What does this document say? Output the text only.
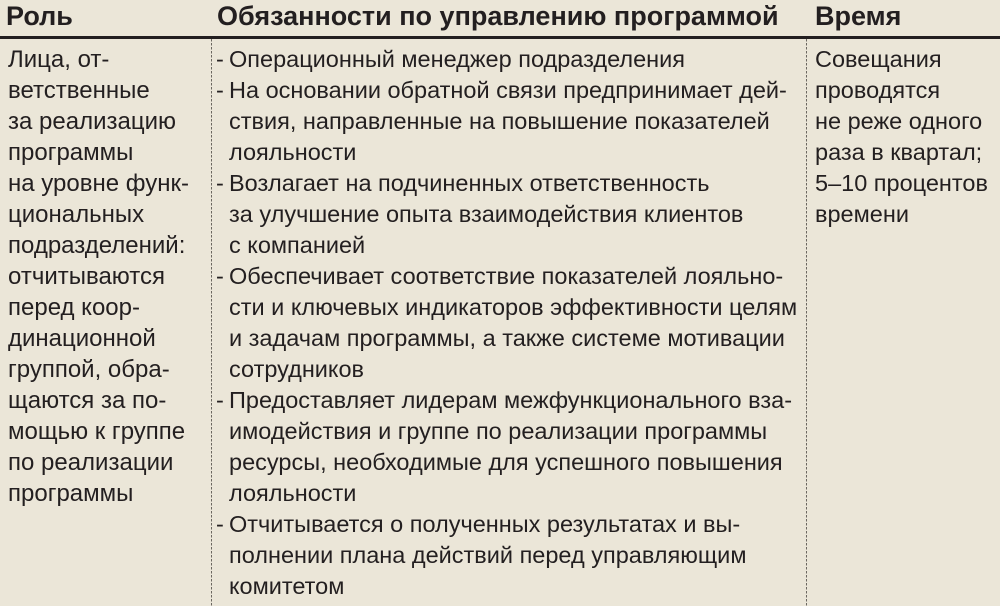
Роль	Обязанности по управлению программой Время
Лица, от-
ветственные
за реализацию
программы
на уровне функ-
циональных
подразделений:
отчитываются
перед коор-
динационной
группой, обра-
щаются за по-
мощью к группе
по реализации
программы
- Операционный менеджер подразделения
- На основании обратной связи предпринимает дей-
ствия, направленные на повышение показателей
лояльности
- Возлагает на подчиненных ответственность
за улучшение опыта взаимодействия клиентов
с компанией
- Обеспечивает соответствие показателей лояльно-
сти и ключевых индикаторов эффективности целям
и задачам программы, а также системе мотивации
сотрудников
- Предоставляет лидерам межфункционального вза-
имодействия и группе по реализации программы
ресурсы, необходимые для успешного повышения
лояльности
- Отчитывается о полученных результатах и вы-
полнении плана действий перед управляющим
комитетом
Совещания
проводятся
не реже одного
раза в квартал;
5–10 процентов
времени
